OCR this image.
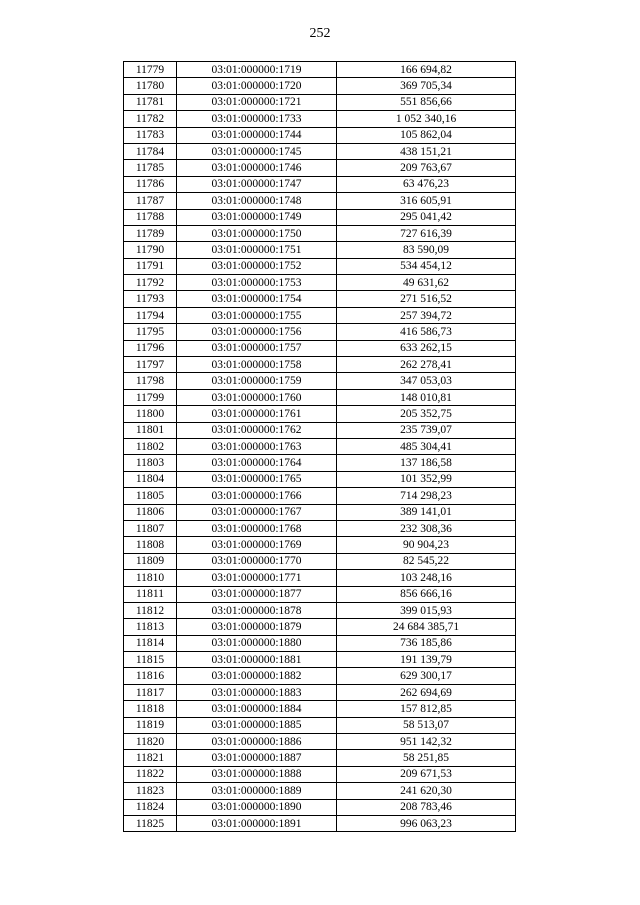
252
11779	03:01:000000:1719	166 694,82
11780	03:01:000000:1720	369 705,34
11781	03:01:000000:1721	551 856,66
11782	03:01:000000:1733	1 052 340,16
11783	03:01:000000:1744	105 862,04
11784	03:01:000000:1745	438 151,21
11785	03:01:000000:1746	209 763,67
11786	03:01:000000:1747	63 476,23
11787	03:01:000000:1748	316 605,91
11788	03:01:000000:1749	295 041,42
11789	03:01:000000:1750	727 616,39
11790	03:01:000000:1751	83 590,09
11791	03:01:000000:1752	534 454,12
11792	03:01:000000:1753	49 631,62
11793	03:01:000000:1754	271 516,52
11794	03:01:000000:1755	257 394,72
11795	03:01:000000:1756	416 586,73
11796	03:01:000000:1757	633 262,15
11797	03:01:000000:1758	262 278,41
11798	03:01:000000:1759	347 053,03
11799	03:01:000000:1760	148 010,81
11800	03:01:000000:1761	205 352,75
11801	03:01:000000:1762	235 739,07
11802	03:01:000000:1763	485 304,41
11803	03:01:000000:1764	137 186,58
11804	03:01:000000:1765	101 352,99
11805	03:01:000000:1766	714 298,23
11806	03:01:000000:1767	389 141,01
11807	03:01:000000:1768	232 308,36
11808	03:01:000000:1769	90 904,23
11809	03:01:000000:1770	82 545,22
11810	03:01:000000:1771	103 248,16
11811	03:01:000000:1877	856 666,16
11812	03:01:000000:1878	399 015,93
11813	03:01:000000:1879	24 684 385,71
11814	03:01:000000:1880	736 185,86
11815	03:01:000000:1881	191 139,79
11816	03:01:000000:1882	629 300,17
11817	03:01:000000:1883	262 694,69
11818	03:01:000000:1884	157 812,85
11819	03:01:000000:1885	58 513,07
11820	03:01:000000:1886	951 142,32
11821	03:01:000000:1887	58 251,85
11822	03:01:000000:1888	209 671,53
11823	03:01:000000:1889	241 620,30
11824	03:01:000000:1890	208 783,46
11825	03:01:000000:1891	996 063,23
